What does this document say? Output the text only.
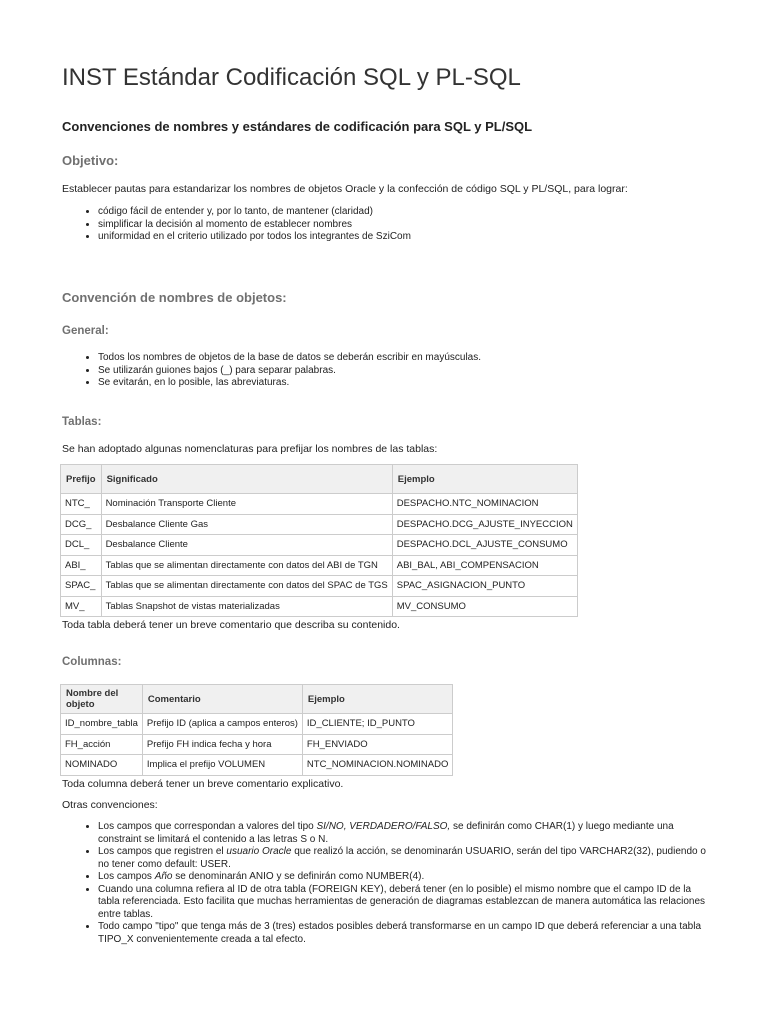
INST Estándar Codificación SQL y PL-SQL
Convenciones de nombres y estándares de codificación para SQL y PL/SQL
Objetivo:
Establecer pautas para estandarizar los nombres de objetos Oracle y la confección de código SQL y PL/SQL, para lograr:
• código fácil de entender y, por lo tanto, de mantener (claridad)
• simplificar la decisión al momento de establecer nombres
• uniformidad en el criterio utilizado por todos los integrantes de SziCom
Convención de nombres de objetos:
General:
• Todos los nombres de objetos de la base de datos se deberán escribir en mayúsculas.
• Se utilizarán guiones bajos (_) para separar palabras.
• Se evitarán, en lo posible, las abreviaturas.
Tablas:
Se han adoptado algunas nomenclaturas para prefijar los nombres de las tablas:
Prefijo	Significado	Ejemplo
NTC_	Nominación Transporte Cliente	DESPACHO.NTC_NOMINACION
DCG_	Desbalance Cliente Gas	DESPACHO.DCG_AJUSTE_INYECCION
DCL_	Desbalance Cliente	DESPACHO.DCL_AJUSTE_CONSUMO
ABI_	Tablas que se alimentan directamente con datos del ABI de TGN	ABI_BAL, ABI_COMPENSACION
SPAC_	Tablas que se alimentan directamente con datos del SPAC de TGS	SPAC_ASIGNACION_PUNTO
MV_	Tablas Snapshot de vistas materializadas	MV_CONSUMO
Toda tabla deberá tener un breve comentario que describa su contenido.
Columnas:
Nombre del objeto	Comentario	Ejemplo
ID_nombre_tabla	Prefijo ID (aplica a campos enteros)	ID_CLIENTE; ID_PUNTO
FH_acción	Prefijo FH indica fecha y hora	FH_ENVIADO
NOMINADO	Implica el prefijo VOLUMEN	NTC_NOMINACION.NOMINADO
Toda columna deberá tener un breve comentario explicativo.
Otras convenciones:
• Los campos que correspondan a valores del tipo SI/NO, VERDADERO/FALSO, se definirán como CHAR(1) y luego mediante una constraint se limitará el contenido a las letras S o N.
• Los campos que registren el usuario Oracle que realizó la acción, se denominarán USUARIO, serán del tipo VARCHAR2(32), pudiendo o no tener como default: USER.
• Los campos Año se denominarán ANIO y se definirán como NUMBER(4).
• Cuando una columna refiera al ID de otra tabla (FOREIGN KEY), deberá tener (en lo posible) el mismo nombre que el campo ID de la tabla referenciada. Esto facilita que muchas herramientas de generación de diagramas establezcan de manera automática las relaciones entre tablas.
• Todo campo "tipo" que tenga más de 3 (tres) estados posibles deberá transformarse en un campo ID que deberá referenciar a una tabla TIPO_X convenientemente creada a tal efecto.
